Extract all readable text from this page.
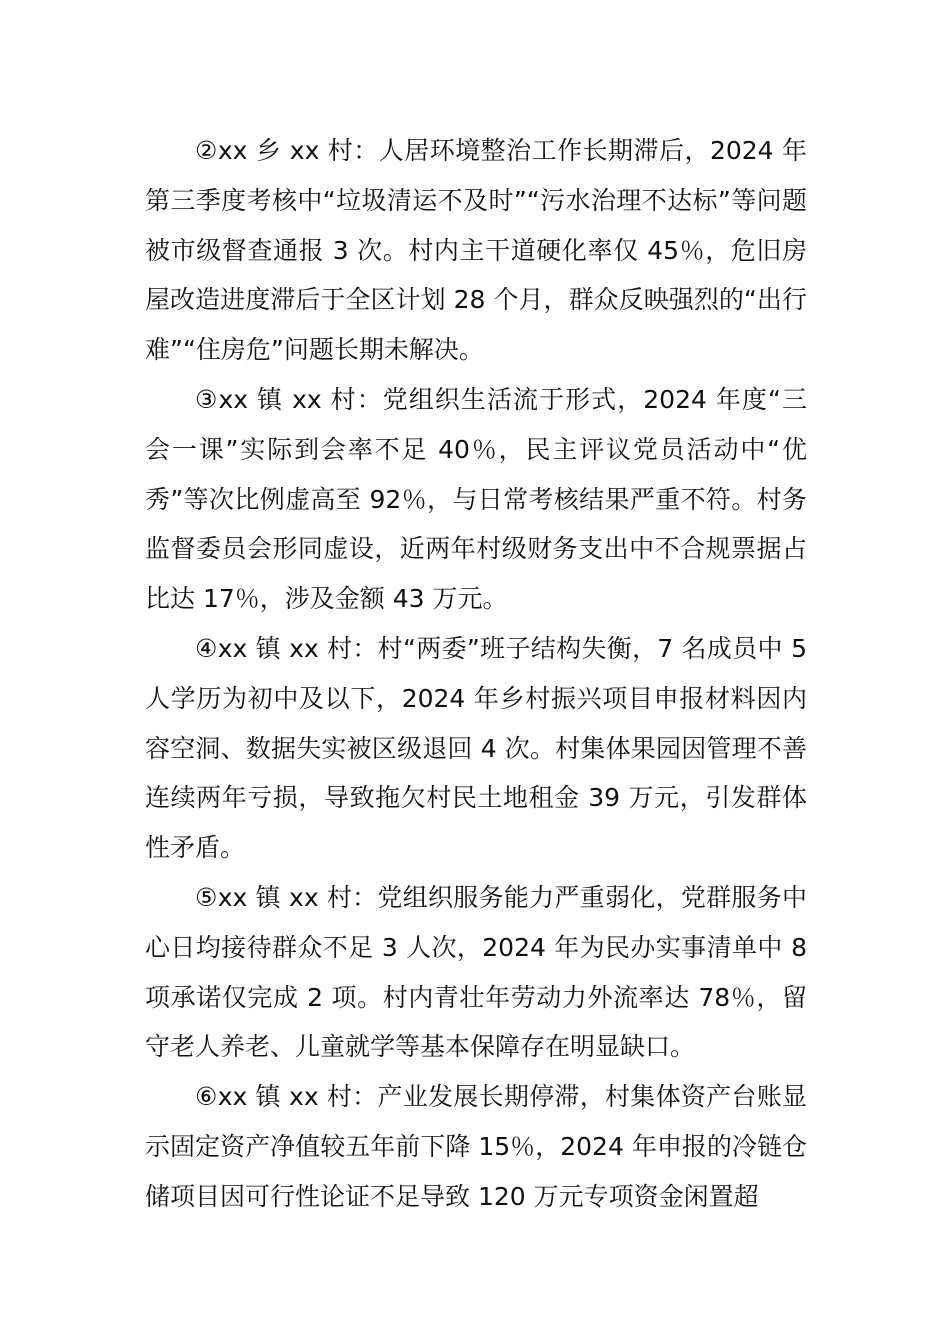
②xx 乡 xx 村：人居环境整治工作长期滞后，2024 年第三季度考核中“垃圾清运不及时”“污水治理不达标”等问题被市级督查通报 3 次。村内主干道硬化率仅 45％，危旧房屋改造进度滞后于全区计划 28 个月，群众反映强烈的“出行难”“住房危”问题长期未解决。

③xx 镇 xx 村：党组织生活流于形式，2024 年度“三会一课”实际到会率不足 40％，民主评议党员活动中“优秀”等次比例虚高至 92％，与日常考核结果严重不符。村务监督委员会形同虚设，近两年村级财务支出中不合规票据占比达 17％，涉及金额 43 万元。

④xx 镇 xx 村：村“两委”班子结构失衡，7 名成员中 5 人学历为初中及以下，2024 年乡村振兴项目申报材料因内容空洞、数据失实被区级退回 4 次。村集体果园因管理不善连续两年亏损，导致拖欠村民土地租金 39 万元，引发群体性矛盾。

⑤xx 镇 xx 村：党组织服务能力严重弱化，党群服务中心日均接待群众不足 3 人次，2024 年为民办实事清单中 8 项承诺仅完成 2 项。村内青壮年劳动力外流率达 78％，留守老人养老、儿童就学等基本保障存在明显缺口。

⑥xx 镇 xx 村：产业发展长期停滞，村集体资产台账显示固定资产净值较五年前下降 15％，2024 年申报的冷链仓储项目因可行性论证不足导致 120 万元专项资金闲置超
